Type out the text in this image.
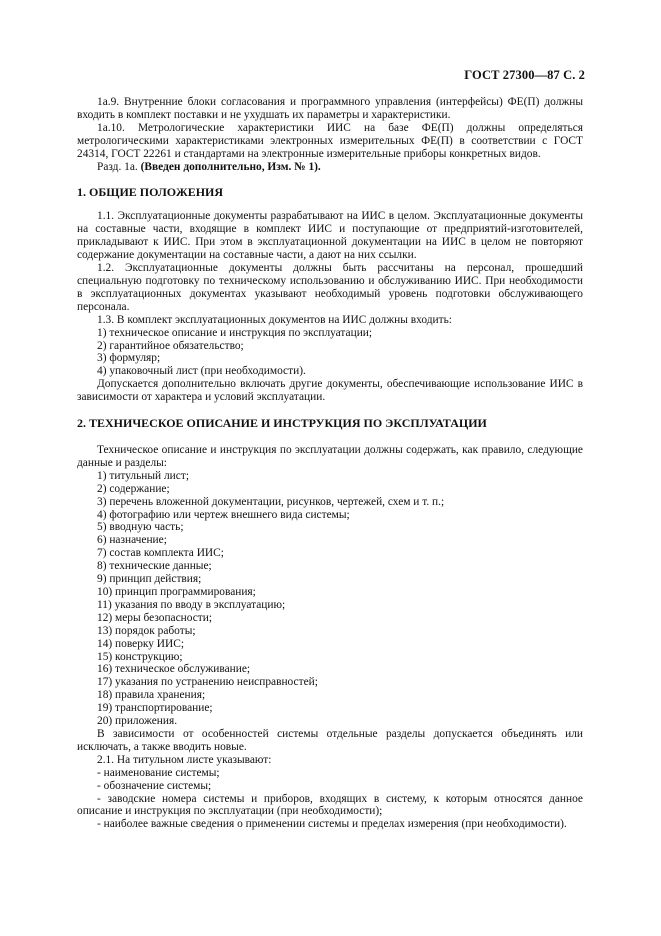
ГОСТ 27300—87 С. 2

1а.9. Внутренние блоки согласования и программного управления (интерфейсы) ФЕ(П) должны входить в комплект поставки и не ухудшать их параметры и характеристики.

1а.10. Метрологические характеристики ИИС на базе ФЕ(П) должны определяться метрологическими характеристиками электронных измерительных ФЕ(П) в соответствии с ГОСТ 24314, ГОСТ 22261 и стандартами на электронные измерительные приборы конкретных видов.

Разд. 1а. (Введен дополнительно, Изм. № 1).

1. ОБЩИЕ ПОЛОЖЕНИЯ

1.1. Эксплуатационные документы разрабатывают на ИИС в целом. Эксплуатационные документы на составные части, входящие в комплект ИИС и поступающие от предприятий-изготовителей, прикладывают к ИИС. При этом в эксплуатационной документации на ИИС в целом не повторяют содержание документации на составные части, а дают на них ссылки.

1.2. Эксплуатационные документы должны быть рассчитаны на персонал, прошедший специальную подготовку по техническому использованию и обслуживанию ИИС. При необходимости в эксплуатационных документах указывают необходимый уровень подготовки обслуживающего персонала.

1.3. В комплект эксплуатационных документов на ИИС должны входить:

1) техническое описание и инструкция по эксплуатации;

2) гарантийное обязательство;

3) формуляр;

4) упаковочный лист (при необходимости).

Допускается дополнительно включать другие документы, обеспечивающие использование ИИС в зависимости от характера и условий эксплуатации.

2. ТЕХНИЧЕСКОЕ ОПИСАНИЕ И ИНСТРУКЦИЯ ПО ЭКСПЛУАТАЦИИ

Техническое описание и инструкция по эксплуатации должны содержать, как правило, следующие данные и разделы:

1) титульный лист;

2) содержание;

3) перечень вложенной документации, рисунков, чертежей, схем и т. п.;

4) фотографию или чертеж внешнего вида системы;

5) вводную часть;

6) назначение;

7) состав комплекта ИИС;

8) технические данные;

9) принцип действия;

10) принцип программирования;

11) указания по вводу в эксплуатацию;

12) меры безопасности;

13) порядок работы;

14) поверку ИИС;

15) конструкцию;

16) техническое обслуживание;

17) указания по устранению неисправностей;

18) правила хранения;

19) транспортирование;

20) приложения.

В зависимости от особенностей системы отдельные разделы допускается объединять или исключать, а также вводить новые.

2.1. На титульном листе указывают:

- наименование системы;

- обозначение системы;

- заводские номера системы и приборов, входящих в систему, к которым относятся данное описание и инструкция по эксплуатации (при необходимости);

- наиболее важные сведения о применении системы и пределах измерения (при необходимости).
